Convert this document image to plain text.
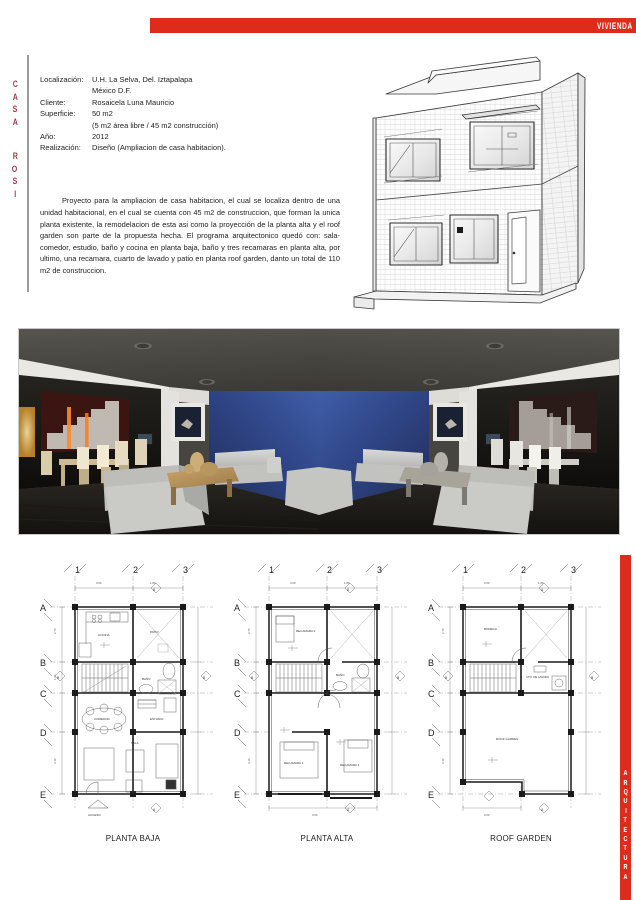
VIVIENDA
C
A
S
A
R
O
S
I
Localización:	U.H. La Selva, Del. Iztapalapa
México D.F.
Cliente:	Rosaicela Luna Mauricio
Superficie:	50 m2
(5 m2 área libre / 45 m2 construcción)
Año:	2012
Realización:	Diseño (Ampliacion de casa habitacion).

Proyecto para la ampliacion de casa habitacion, el cual se localiza dentro de una unidad habitacional, en el cual se cuenta con 45 m2 de construccion, que forman la unica planta existente, la remodelacion de esta asi como la proyección de la planta alta y el roof garden son parte de la propuesta hecha. El programa arquitectonico quedó con: sala-comedor, estudio, baño y cocina en planta baja, baño y tres recamaras en planta alta, por ultimo, una recamara, cuarto de lavado y patio en planta roof garden, danto un total de 110 m2 de construccion.

A
R
Q
U
I
T
E
C
T
U
R
A
1	2	3
A
B
C
D
E
3.00	1.80
2.70
1.50
3.10
COCINA
PATIO
BAÑO
ESTUDIO
COMEDOR
SALA
ACCESO
A
B	B
A
PLANTA BAJA
1	2	3
A
B
C
D
E
3.00	1.80
2.70
3.10
3.00
RECAMARA 3
BAÑO
RECAMARA 1	RECAMARA 2
A
B	B
A
PLANTA ALTA
1	2	3
A
B
C
D
E
3.00	1.80
2.70
3.10
3.00
BODEGA
CTO. DE LAVADO
ROOF GARDEN
A
B	B
A
ROOF GARDEN
